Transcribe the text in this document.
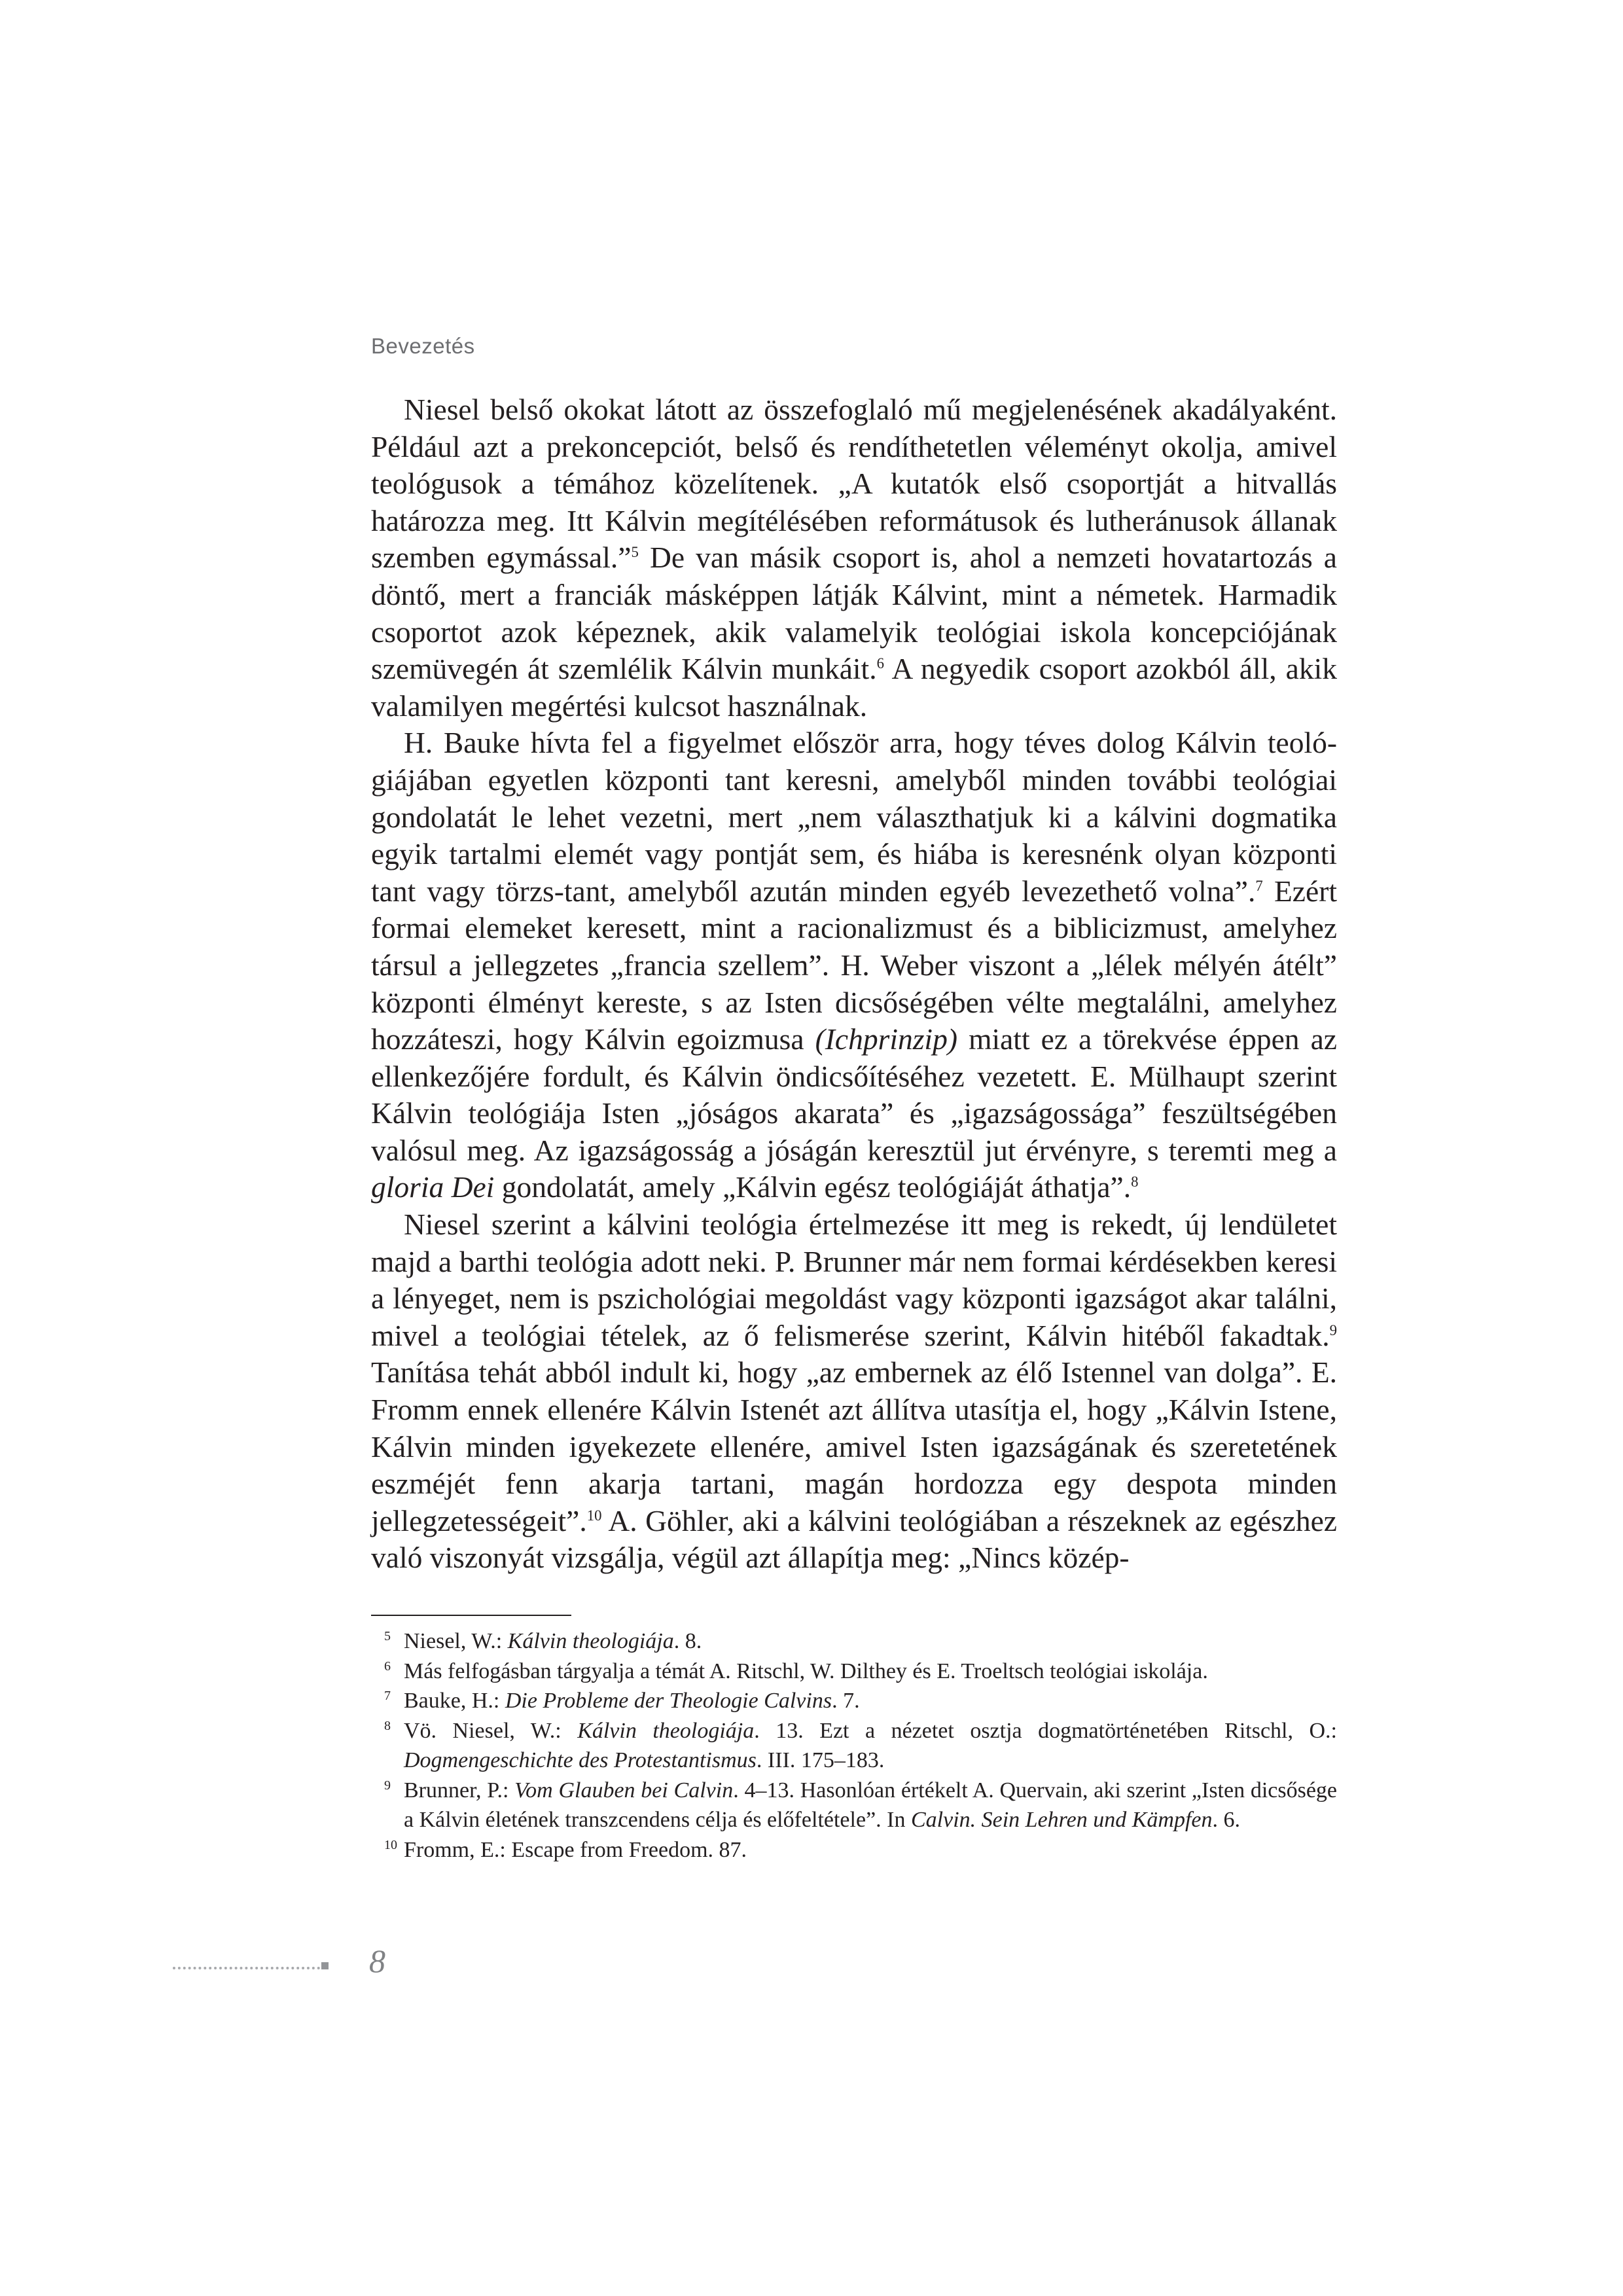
Bevezetés

Niesel belső okokat látott az összefoglaló mű megjelenésének akadályaként. Például azt a prekoncepciót, belső és rendíthetetlen véleményt okolja, amivel teológusok a témához közelítenek. „A kutatók első csoportját a hitvallás határozza meg. Itt Kálvin megítélésében reformátusok és lutheránusok állanak szemben egymással.”$^5$ De van másik csoport is, ahol a nemzeti hovatartozás a döntő, mert a franciák másképpen látják Kálvint, mint a németek. Harmadik csoportot azok képeznek, akik valamelyik teológiai iskola koncepciójának szemüvegén át szemlélik Kálvin munkáit.$^6$ A negyedik csoport azokból áll, akik valamilyen megértési kulcsot használnak.

H. Bauke hívta fel a figyelmet először arra, hogy téves dolog Kálvin teológiájában egyetlen központi tant keresni, amelyből minden további teológiai gondolatát le lehet vezetni, mert „nem választhatjuk ki a kálvini dogmatika egyik tartalmi elemét vagy pontját sem, és hiába is keresnénk olyan központi tant vagy törzs-tant, amelyből azután minden egyéb levezethető volna”.$^7$ Ezért formai elemeket keresett, mint a racionalizmust és a biblicizmust, amelyhez társul a jellegzetes „francia szellem”. H. Weber viszont a „lélek mélyén átélt” központi élményt kereste, s az Isten dicsőségében vélte megtalálni, amelyhez hozzáteszi, hogy Kálvin egoizmusa (Ichprinzip) miatt ez a törekvése éppen az ellenkezőjére fordult, és Kálvin öndicsőítéséhez vezetett. E. Mülhaupt szerint Kálvin teológiája Isten „jóságos akarata” és „igazságossága” feszültségében valósul meg. Az igazságosság a jóságán keresztül jut érvényre, s teremti meg a gloria Dei gondolatát, amely „Kálvin egész teológiáját áthatja”.$^8$

Niesel szerint a kálvini teológia értelmezése itt meg is rekedt, új lendületet majd a barthi teológia adott neki. P. Brunner már nem formai kérdésekben keresi a lényeget, nem is pszichológiai megoldást vagy központi igazságot akar találni, mivel a teológiai tételek, az ő felismerése szerint, Kálvin hitéből fakadtak.$^9$ Tanítása tehát abból indult ki, hogy „az embernek az élő Istennel van dolga”. E. Fromm ennek ellenére Kálvin Istenét azt állítva utasítja el, hogy „Kálvin Istene, Kálvin minden igyekezete ellenére, amivel Isten igazságának és szeretetének eszméjét fenn akarja tartani, magán hordozza egy despota minden jellegzetességeit”.$^{10}$ A. Göhler, aki a kálvini teológiában a részeknek az egészhez való viszonyát vizsgálja, végül azt állapítja meg: „Nincs közép-

5 Niesel, W.: Kálvin theologiája. 8.
6 Más felfogásban tárgyalja a témát A. Ritschl, W. Dilthey és E. Troeltsch teológiai iskolája.
7 Bauke, H.: Die Probleme der Theologie Calvins. 7.
8 Vö. Niesel, W.: Kálvin theologiája. 13. Ezt a nézetet osztja dogmatörténetében Ritschl, O.: Dogmengeschichte des Protestantismus. III. 175–183.
9 Brunner, P.: Vom Glauben bei Calvin. 4–13. Hasonlóan értékelt A. Quervain, aki szerint „Isten dicsősége a Kálvin életének transzcendens célja és előfeltétele”. In Calvin. Sein Lehren und Kämpfen. 6.
10 Fromm, E.: Escape from Freedom. 87.
8
